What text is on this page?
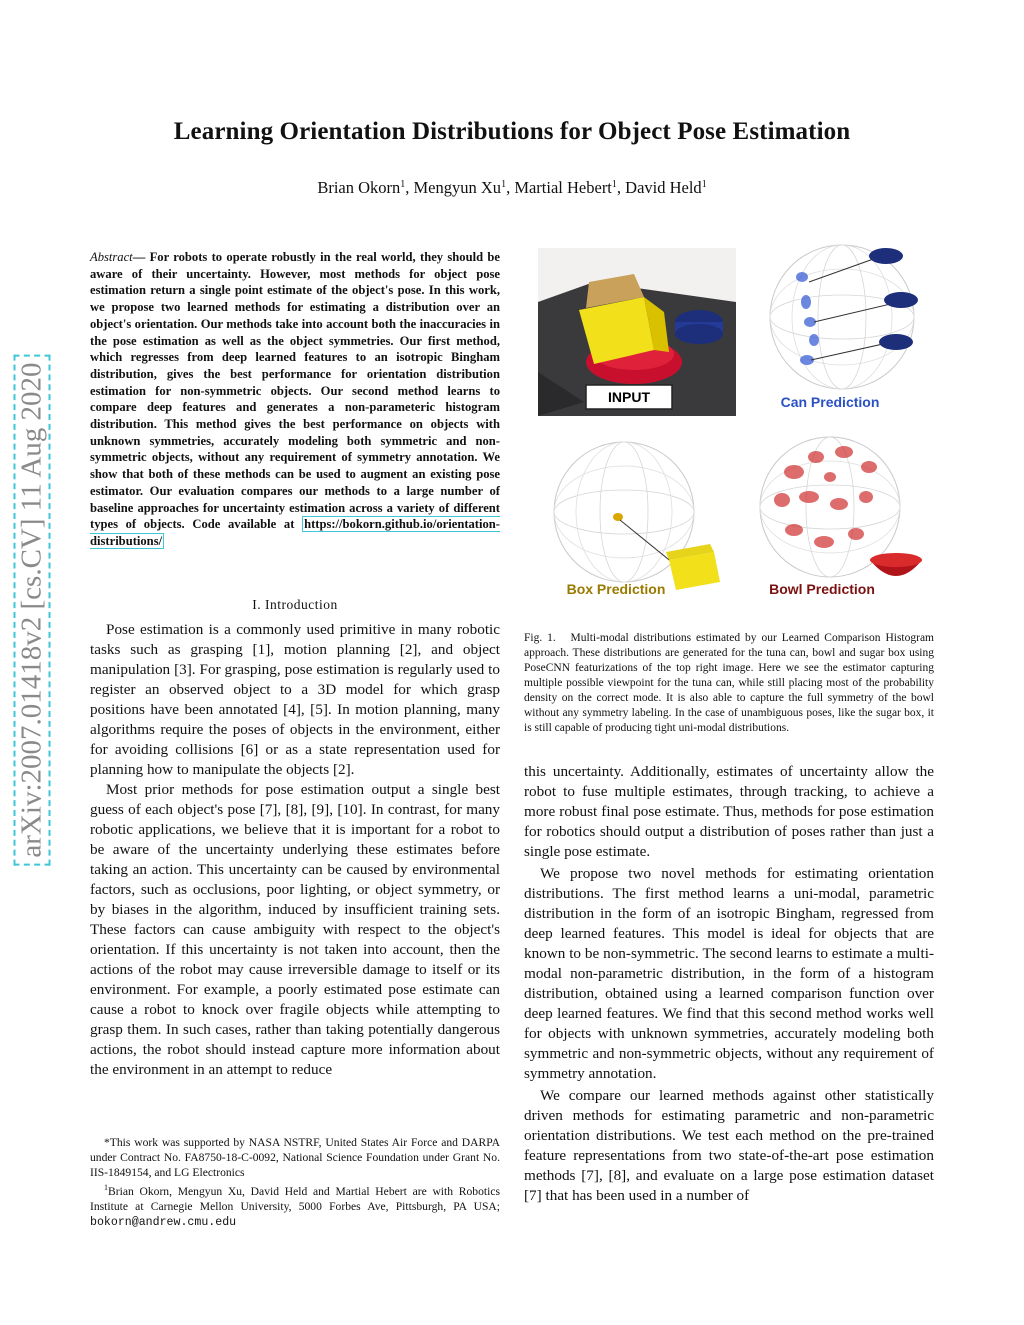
Learning Orientation Distributions for Object Pose Estimation
Brian Okorn$^1$, Mengyun Xu$^1$, Martial Hebert$^1$, David Held$^1$
arXiv:2007.01418v2 [cs.CV] 11 Aug 2020
Abstract— For robots to operate robustly in the real world, they should be aware of their uncertainty. However, most methods for object pose estimation return a single point estimate of the object's pose. In this work, we propose two learned methods for estimating a distribution over an object's orientation. Our methods take into account both the inaccuracies in the pose estimation as well as the object symmetries. Our first method, which regresses from deep learned features to an isotropic Bingham distribution, gives the best performance for orientation distribution estimation for non-symmetric objects. Our second method learns to compare deep features and generates a non-parameteric histogram distribution. This method gives the best performance on objects with unknown symmetries, accurately modeling both symmetric and non-symmetric objects, without any requirement of symmetry annotation. We show that both of these methods can be used to augment an existing pose estimator. Our evaluation compares our methods to a large number of baseline approaches for uncertainty estimation across a variety of different types of objects. Code available at https://bokorn.github.io/orientation-distributions/
I. Introduction

Pose estimation is a commonly used primitive in many robotic tasks such as grasping [1], motion planning [2], and object manipulation [3]. For grasping, pose estimation is regularly used to register an observed object to a 3D model for which grasp positions have been annotated [4], [5]. In motion planning, many algorithms require the poses of objects in the environment, either for avoiding collisions [6] or as a state representation used for planning how to manipulate the objects [2].

Most prior methods for pose estimation output a single best guess of each object's pose [7], [8], [9], [10]. In contrast, for many robotic applications, we believe that it is important for a robot to be aware of the uncertainty underlying these estimates before taking an action. This uncertainty can be caused by environmental factors, such as occlusions, poor lighting, or object symmetry, or by biases in the algorithm, induced by insufficient training sets. These factors can cause ambiguity with respect to the object's orientation. If this uncertainty is not taken into account, then the actions of the robot may cause irreversible damage to itself or its environment. For example, a poorly estimated pose estimate can cause a robot to knock over fragile objects while attempting to grasp them. In such cases, rather than taking potentially dangerous actions, the robot should instead capture more information about the environment in an attempt to reduce

*This work was supported by NASA NSTRF, United States Air Force and DARPA under Contract No. FA8750-18-C-0092, National Science Foundation under Grant No. IIS-1849154, and LG Electronics

$^1$Brian Okorn, Mengyun Xu, David Held and Martial Hebert are with Robotics Institute at Carnegie Mellon University, 5000 Forbes Ave, Pittsburgh, PA USA; bokorn@andrew.cmu.edu

INPUT	Can Prediction
Box Prediction	Bowl Prediction
Fig. 1. Multi-modal distributions estimated by our Learned Comparison Histogram approach. These distributions are generated for the tuna can, bowl and sugar box using PoseCNN featurizations of the top right image. Here we see the estimator capturing multiple possible viewpoint for the tuna can, while still placing most of the probability density on the correct mode. It is also able to capture the full symmetry of the bowl without any symmetry labeling. In the case of unambiguous poses, like the sugar box, it is still capable of producing tight uni-modal distributions.

this uncertainty. Additionally, estimates of uncertainty allow the robot to fuse multiple estimates, through tracking, to achieve a more robust final pose estimate. Thus, methods for pose estimation for robotics should output a distribution of poses rather than just a single pose estimate.

We propose two novel methods for estimating orientation distributions. The first method learns a uni-modal, parametric distribution in the form of an isotropic Bingham, regressed from deep learned features. This model is ideal for objects that are known to be non-symmetric. The second learns to estimate a multi-modal non-parametric distribution, in the form of a histogram distribution, obtained using a learned comparison function over deep learned features. We find that this second method works well for objects with unknown symmetries, accurately modeling both symmetric and non-symmetric objects, without any requirement of symmetry annotation.

We compare our learned methods against other statistically driven methods for estimating parametric and non-parametric orientation distributions. We test each method on the pre-trained feature representations from two state-of-the-art pose estimation methods [7], [8], and evaluate on a large pose estimation dataset [7] that has been used in a number of
